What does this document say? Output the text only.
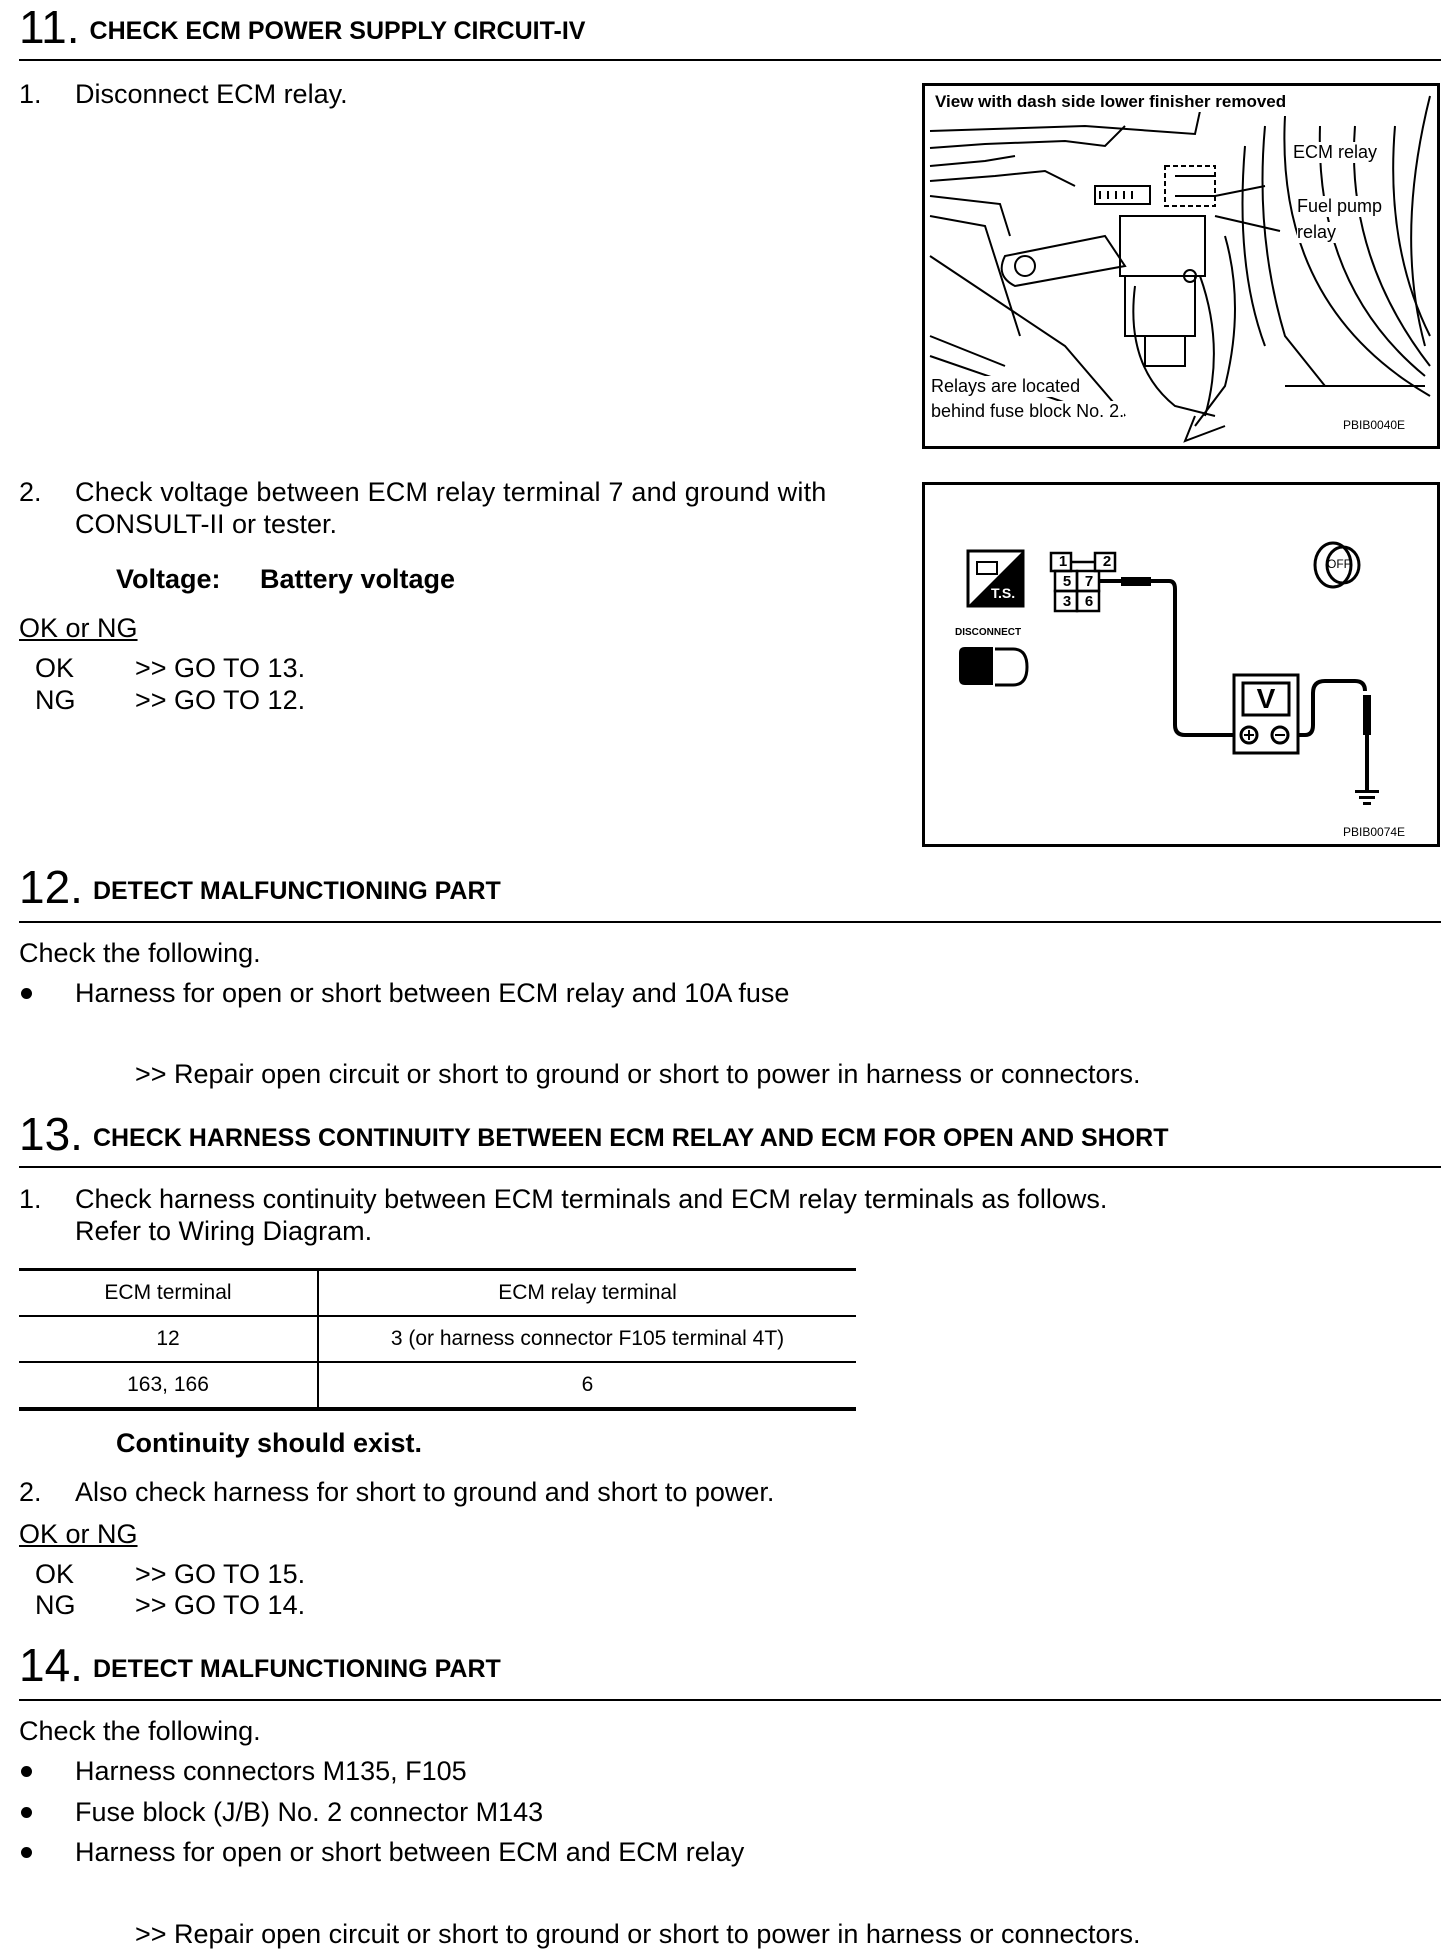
11. CHECK ECM POWER SUPPLY CIRCUIT-IV
1. Disconnect ECM relay.	View with dash side lower finisher removed
ECM relay
Fuel pump
relay
Relays are located
behind fuse block No. 2.
PBIB0040E
2. Check voltage between ECM relay terminal 7 and ground with
CONSULT-II or tester.
Voltage: Battery voltage
OK or NG
OK >> GO TO 13.
NG >> GO TO 12.
T.S.
DISCONNECT
1 2
5 7
3 6
V
OFF
PBIB0074E
12. DETECT MALFUNCTIONING PART
Check the following.
Harness for open or short between ECM relay and 10A fuse
>> Repair open circuit or short to ground or short to power in harness or connectors.
13. CHECK HARNESS CONTINUITY BETWEEN ECM RELAY AND ECM FOR OPEN AND SHORT
1. Check harness continuity between ECM terminals and ECM relay terminals as follows.
Refer to Wiring Diagram.
ECM terminal	ECM relay terminal
12	3 (or harness connector F105 terminal 4T)
163, 166	6
Continuity should exist.
2. Also check harness for short to ground and short to power.
OK or NG
OK >> GO TO 15.
NG >> GO TO 14.
14. DETECT MALFUNCTIONING PART
Check the following.
Harness connectors M135, F105
Fuse block (J/B) No. 2 connector M143
Harness for open or short between ECM and ECM relay
>> Repair open circuit or short to ground or short to power in harness or connectors.
